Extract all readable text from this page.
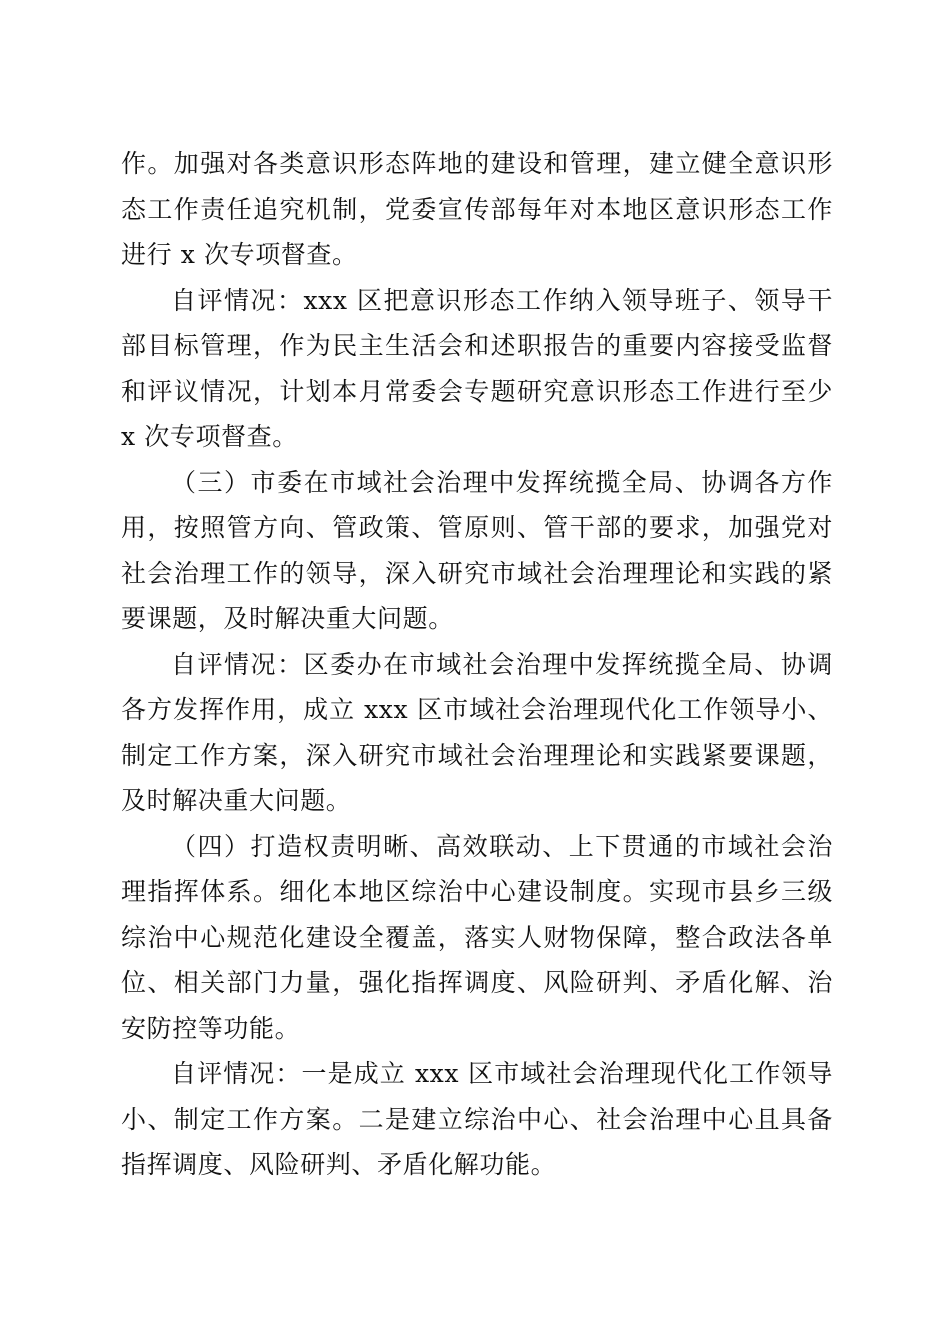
作。加强对各类意识形态阵地的建设和管理，建立健全意识形态工作责任追究机制，党委宣传部每年对本地区意识形态工作进行 x 次专项督查。

自评情况：xxx 区把意识形态工作纳入领导班子、领导干部目标管理，作为民主生活会和述职报告的重要内容接受监督和评议情况，计划本月常委会专题研究意识形态工作进行至少 x 次专项督查。

（三）市委在市域社会治理中发挥统揽全局、协调各方作用，按照管方向、管政策、管原则、管干部的要求，加强党对社会治理工作的领导，深入研究市域社会治理理论和实践的紧要课题，及时解决重大问题。

自评情况：区委办在市域社会治理中发挥统揽全局、协调各方发挥作用，成立 xxx 区市域社会治理现代化工作领导小、制定工作方案，深入研究市域社会治理理论和实践紧要课题，及时解决重大问题。

（四）打造权责明晰、高效联动、上下贯通的市域社会治理指挥体系。细化本地区综治中心建设制度。实现市县乡三级综治中心规范化建设全覆盖，落实人财物保障，整合政法各单位、相关部门力量，强化指挥调度、风险研判、矛盾化解、治安防控等功能。

自评情况：一是成立 xxx 区市域社会治理现代化工作领导小、制定工作方案。二是建立综治中心、社会治理中心且具备指挥调度、风险研判、矛盾化解功能。
